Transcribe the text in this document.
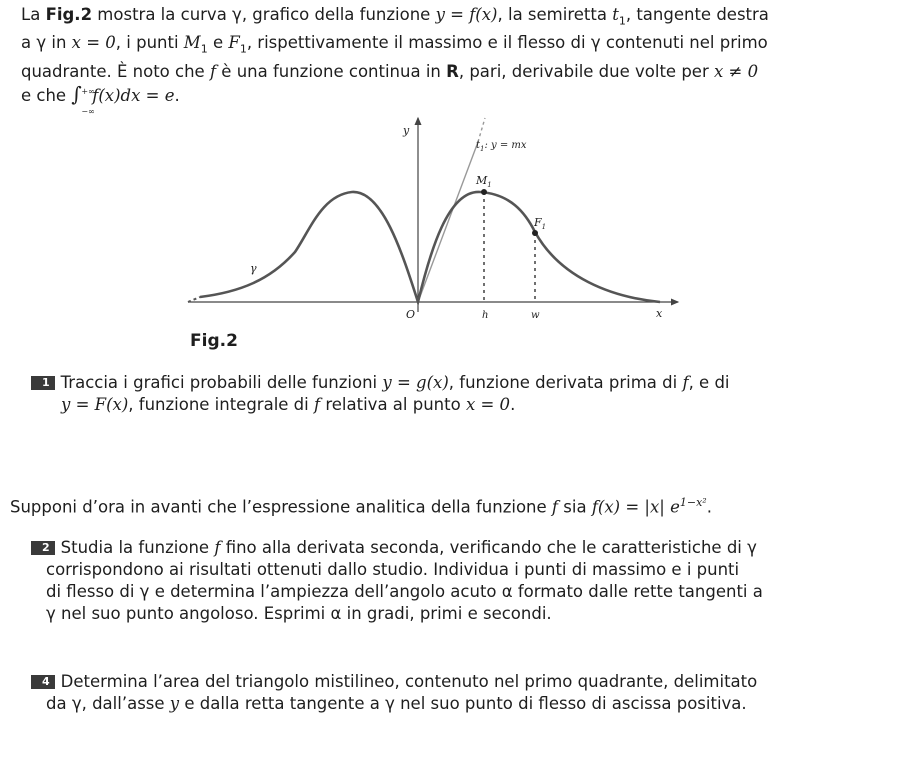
La Fig.2 mostra la curva γ, grafico della funzione y = f(x), la semiretta $t_1$, tangente destra
a γ in x = 0, i punti $M_1$ e $F_1$, rispettivamente il massimo e il flesso di γ contenuti nel primo
quadrante. È noto che f è una funzione continua in R, pari, derivabile due volte per x ≠ 0
e che ∫ +∞
−∞
f(x)dx = e.
y
x
O	h	w
$M_1$
$F_1$
γ
$t_1$: y = mx
Fig.2
1 Traccia i grafici probabili delle funzioni y = g(x), funzione derivata prima di f, e di
y = F(x), funzione integrale di f relativa al punto x = 0.
Supponi d’ora in avanti che l’espressione analitica della funzione f sia f(x) = |x| $e^{1-x^2}$.
2 Studia la funzione f fino alla derivata seconda, verificando che le caratteristiche di γ
corrispondono ai risultati ottenuti dallo studio. Individua i punti di massimo e i punti
di flesso di γ e determina l’ampiezza dell’angolo acuto α formato dalle rette tangenti a
γ nel suo punto angoloso. Esprimi α in gradi, primi e secondi.
4 Determina l’area del triangolo mistilineo, contenuto nel primo quadrante, delimitato
da γ, dall’asse y e dalla retta tangente a γ nel suo punto di flesso di ascissa positiva.
